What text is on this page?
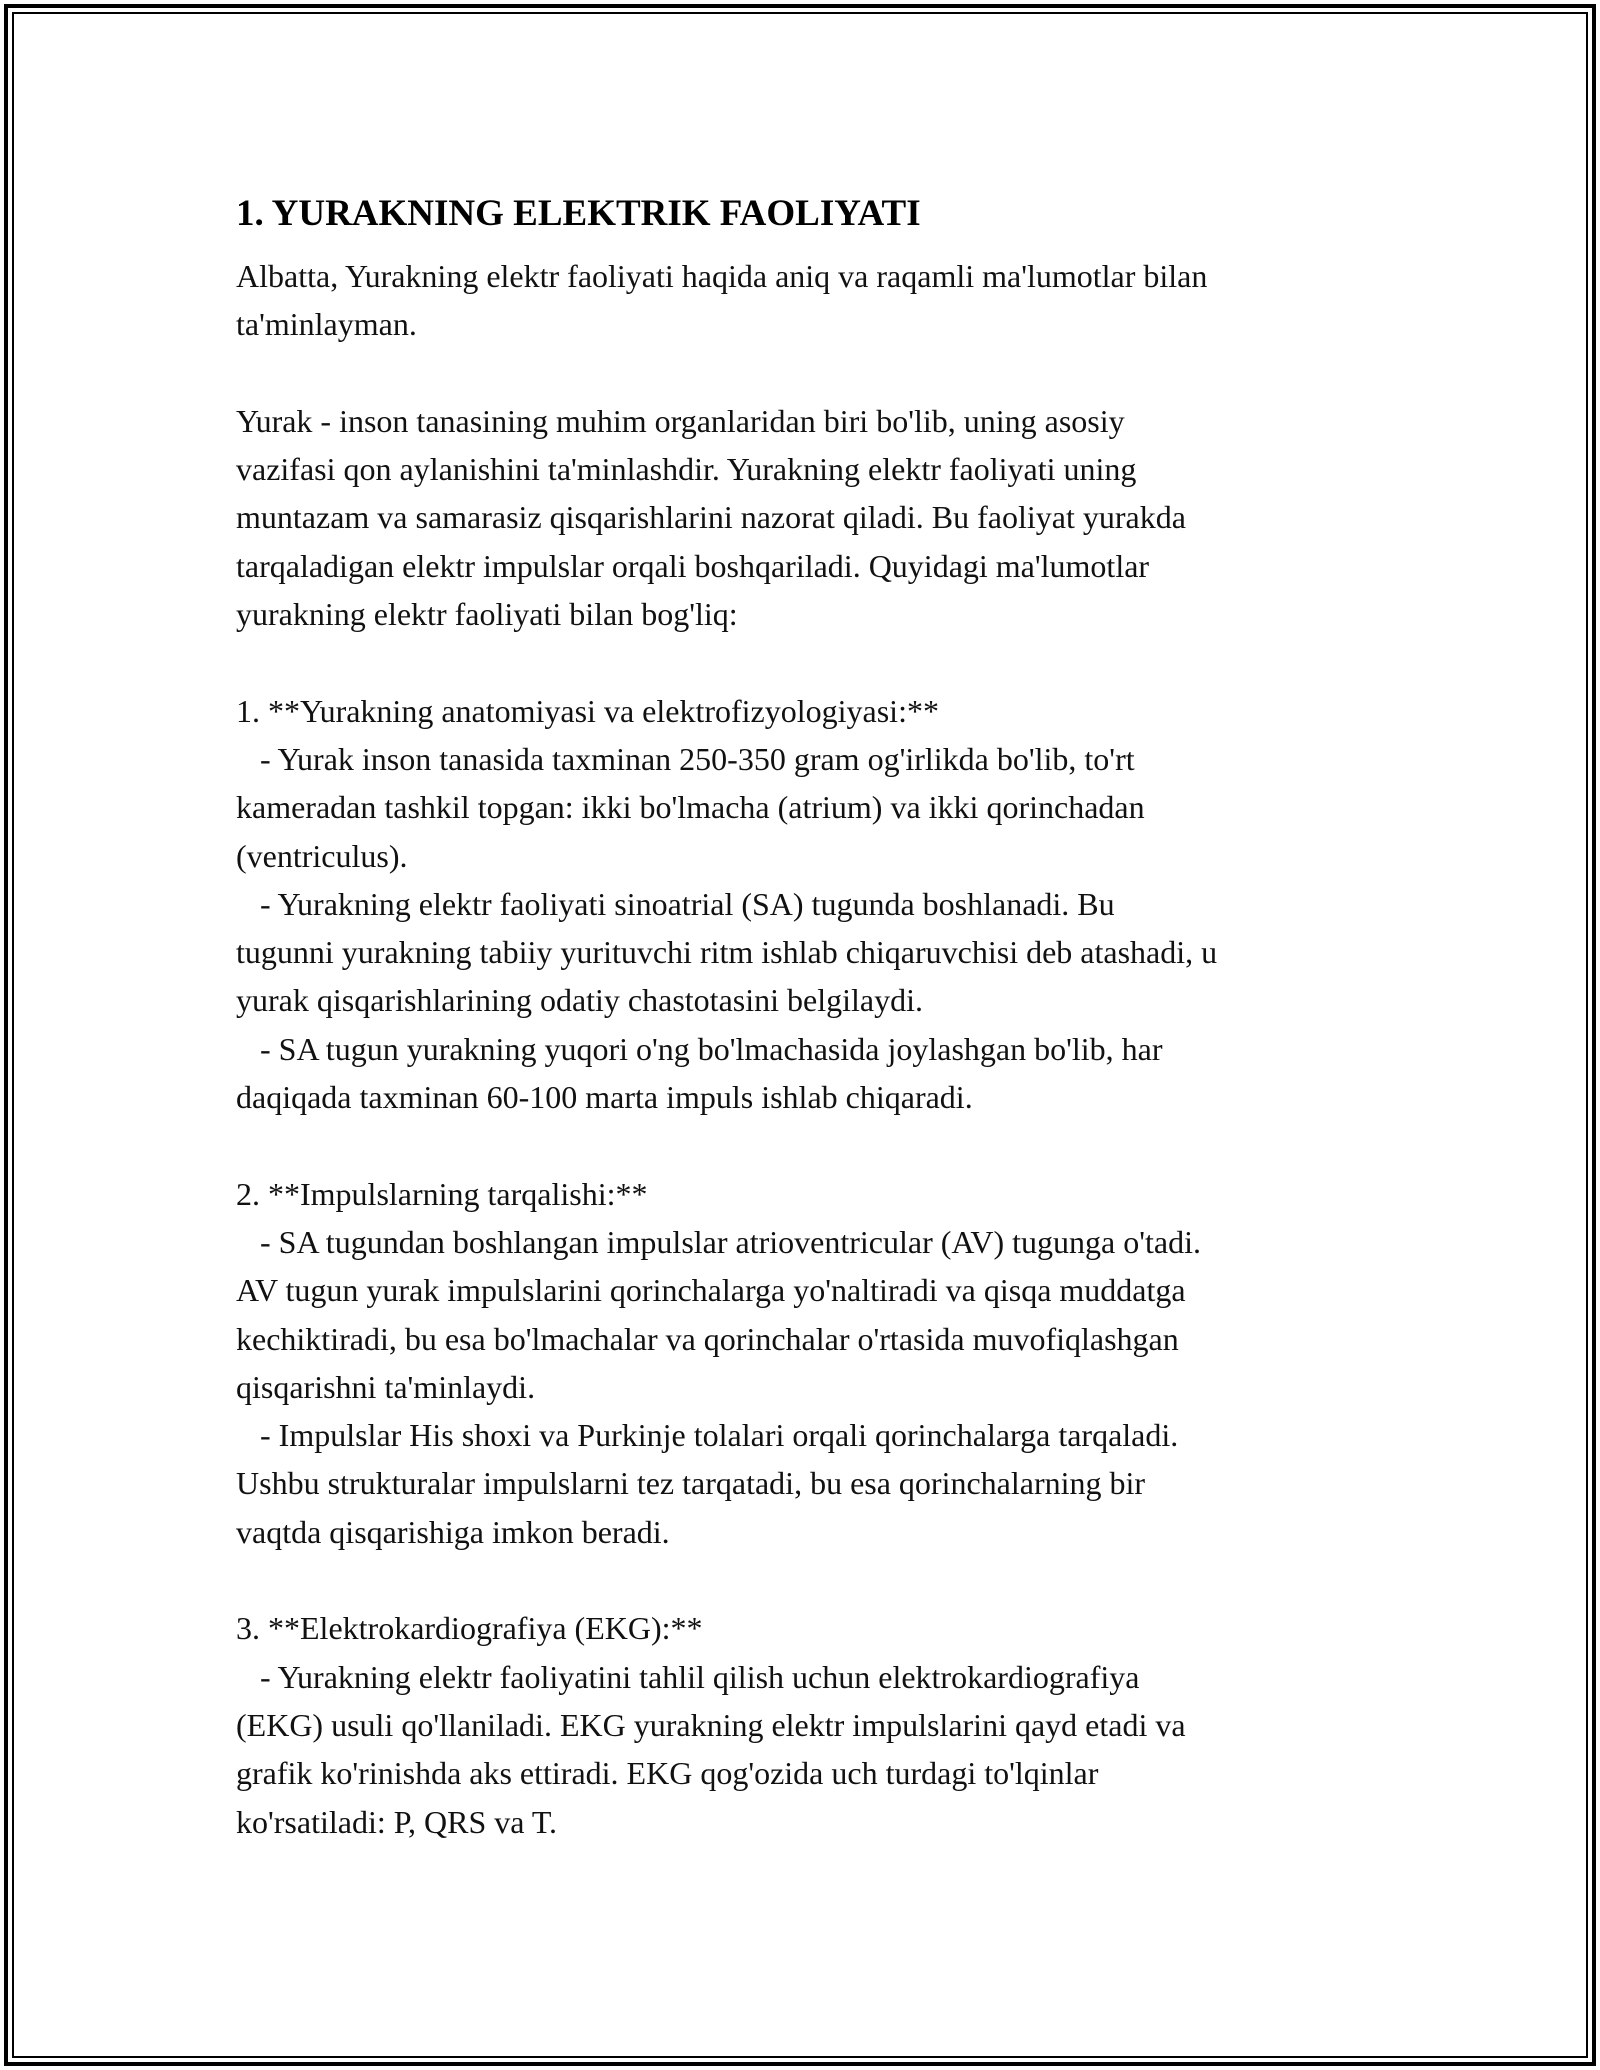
1. YURAKNING ELEKTRIK FAOLIYATI
Albatta, Yurakning elektr faoliyati haqida aniq va raqamli ma'lumotlar bilan
ta'minlayman.

Yurak - inson tanasining muhim organlaridan biri bo'lib, uning asosiy
vazifasi qon aylanishini ta'minlashdir. Yurakning elektr faoliyati uning
muntazam va samarasiz qisqarishlarini nazorat qiladi. Bu faoliyat yurakda
tarqaladigan elektr impulslar orqali boshqariladi. Quyidagi ma'lumotlar
yurakning elektr faoliyati bilan bog'liq:

1. **Yurakning anatomiyasi va elektrofizyologiyasi:**
- Yurak inson tanasida taxminan 250-350 gram og'irlikda bo'lib, to'rt
kameradan tashkil topgan: ikki bo'lmacha (atrium) va ikki qorinchadan
(ventriculus).
- Yurakning elektr faoliyati sinoatrial (SA) tugunda boshlanadi. Bu
tugunni yurakning tabiiy yurituvchi ritm ishlab chiqaruvchisi deb atashadi, u
yurak qisqarishlarining odatiy chastotasini belgilaydi.
- SA tugun yurakning yuqori o'ng bo'lmachasida joylashgan bo'lib, har
daqiqada taxminan 60-100 marta impuls ishlab chiqaradi.

2. **Impulslarning tarqalishi:**
- SA tugundan boshlangan impulslar atrioventricular (AV) tugunga o'tadi.
AV tugun yurak impulslarini qorinchalarga yo'naltiradi va qisqa muddatga
kechiktiradi, bu esa bo'lmachalar va qorinchalar o'rtasida muvofiqlashgan
qisqarishni ta'minlaydi.
- Impulslar His shoxi va Purkinje tolalari orqali qorinchalarga tarqaladi.
Ushbu strukturalar impulslarni tez tarqatadi, bu esa qorinchalarning bir
vaqtda qisqarishiga imkon beradi.

3. **Elektrokardiografiya (EKG):**
- Yurakning elektr faoliyatini tahlil qilish uchun elektrokardiografiya
(EKG) usuli qo'llaniladi. EKG yurakning elektr impulslarini qayd etadi va
grafik ko'rinishda aks ettiradi. EKG qog'ozida uch turdagi to'lqinlar
ko'rsatiladi: P, QRS va T.
